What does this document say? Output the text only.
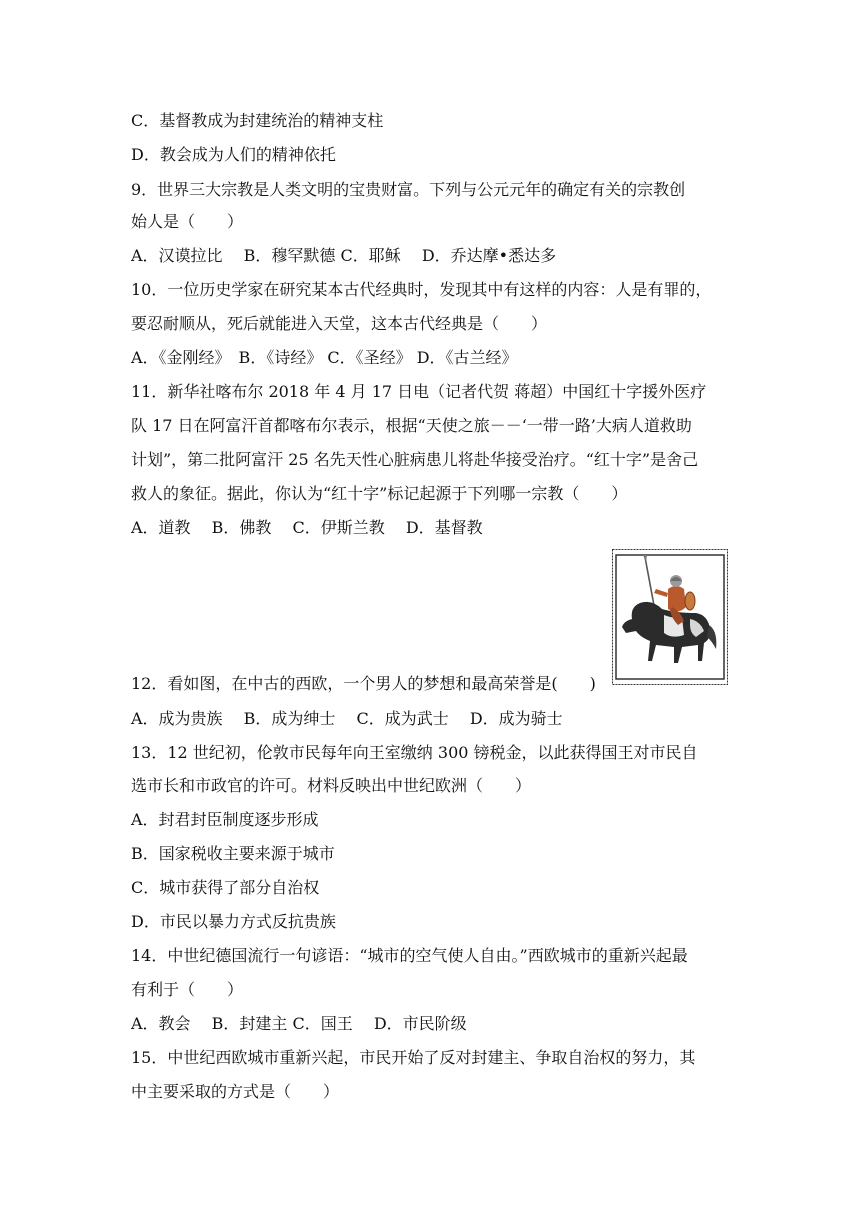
C．基督教成为封建统治的精神支柱
D．教会成为人们的精神依托
9．世界三大宗教是人类文明的宝贵财富。下列与公元元年的确定有关的宗教创
始人是（　　）
A．汉谟拉比　 B．穆罕默德 C．耶稣　 D．乔达摩•悉达多
10．一位历史学家在研究某本古代经典时，发现其中有这样的内容：人是有罪的，
要忍耐顺从，死后就能进入天堂，这本古代经典是（　　）
A．《金刚经》　B．《诗经》 C．《圣经》 D．《古兰经》
11．新华社喀布尔 2018 年 4 月 17 日电（记者代贺 蒋超）中国红十字援外医疗
队 17 日在阿富汗首都喀布尔表示，根据“天使之旅－－‘一带一路’大病人道救助
计划”，第二批阿富汗 25 名先天性心脏病患儿将赴华接受治疗。“红十字”是舍己
救人的象征。据此，你认为“红十字”标记起源于下列哪一宗教（　　）
A．道教　 B．佛教　 C．伊斯兰教　 D．基督教
12．看如图，在中古的西欧，一个男人的梦想和最高荣誉是(　　)
A．成为贵族　 B．成为绅士　 C．成为武士　 D．成为骑士
13．12 世纪初，伦敦市民每年向王室缴纳 300 镑税金，以此获得国王对市民自
选市长和市政官的许可。材料反映出中世纪欧洲（　　）
A．封君封臣制度逐步形成
B．国家税收主要来源于城市
C．城市获得了部分自治权
D．市民以暴力方式反抗贵族
14．中世纪德国流行一句谚语：“城市的空气使人自由。”西欧城市的重新兴起最
有利于（　　）
A．教会　 B．封建主 C．国王　 D．市民阶级
15．中世纪西欧城市重新兴起，市民开始了反对封建主、争取自治权的努力，其
中主要采取的方式是（　　）
